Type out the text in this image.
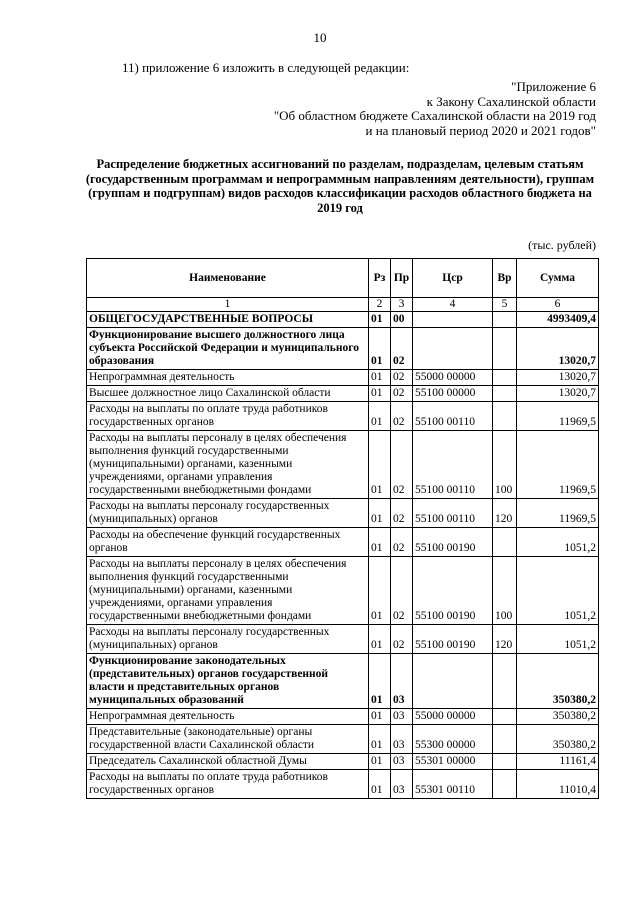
10
11) приложение 6 изложить в следующей редакции:
"Приложение 6
к Закону Сахалинской области
"Об областном бюджете Сахалинской области на 2019 год
и на плановый период 2020 и 2021 годов"
Распределение бюджетных ассигнований по разделам, подразделам, целевым статьям (государственным программам и непрограммным направлениям деятельности), группам (группам и подгруппам) видов расходов классификации расходов областного бюджета на 2019 год
(тыс. рублей)
Наименование	Рз	Пр	Цср	Вр	Сумма
1	2	3	4	5	6
ОБЩЕГОСУДАРСТВЕННЫЕ ВОПРОСЫ	01	00			4993409,4
Функционирование высшего должностного лица субъекта Российской Федерации и муниципального образования	01	02			13020,7
Непрограммная деятельность	01	02	55000 00000		13020,7
Высшее должностное лицо Сахалинской области	01	02	55100 00000		13020,7
Расходы на выплаты по оплате труда работников государственных органов	01	02	55100 00110		11969,5
Расходы на выплаты персоналу в целях обеспечения выполнения функций государственными (муниципальными) органами, казенными учреждениями, органами управления государственными внебюджетными фондами	01	02	55100 00110	100	11969,5
Расходы на выплаты персоналу государственных (муниципальных) органов	01	02	55100 00110	120	11969,5
Расходы на обеспечение функций государственных органов	01	02	55100 00190		1051,2
Расходы на выплаты персоналу в целях обеспечения выполнения функций государственными (муниципальными) органами, казенными учреждениями, органами управления государственными внебюджетными фондами	01	02	55100 00190	100	1051,2
Расходы на выплаты персоналу государственных (муниципальных) органов	01	02	55100 00190	120	1051,2
Функционирование законодательных (представительных) органов государственной власти и представительных органов муниципальных образований	01	03			350380,2
Непрограммная деятельность	01	03	55000 00000		350380,2
Представительные (законодательные) органы государственной власти Сахалинской области	01	03	55300 00000		350380,2
Председатель Сахалинской областной Думы	01	03	55301 00000		11161,4
Расходы на выплаты по оплате труда работников государственных органов	01	03	55301 00110		11010,4
